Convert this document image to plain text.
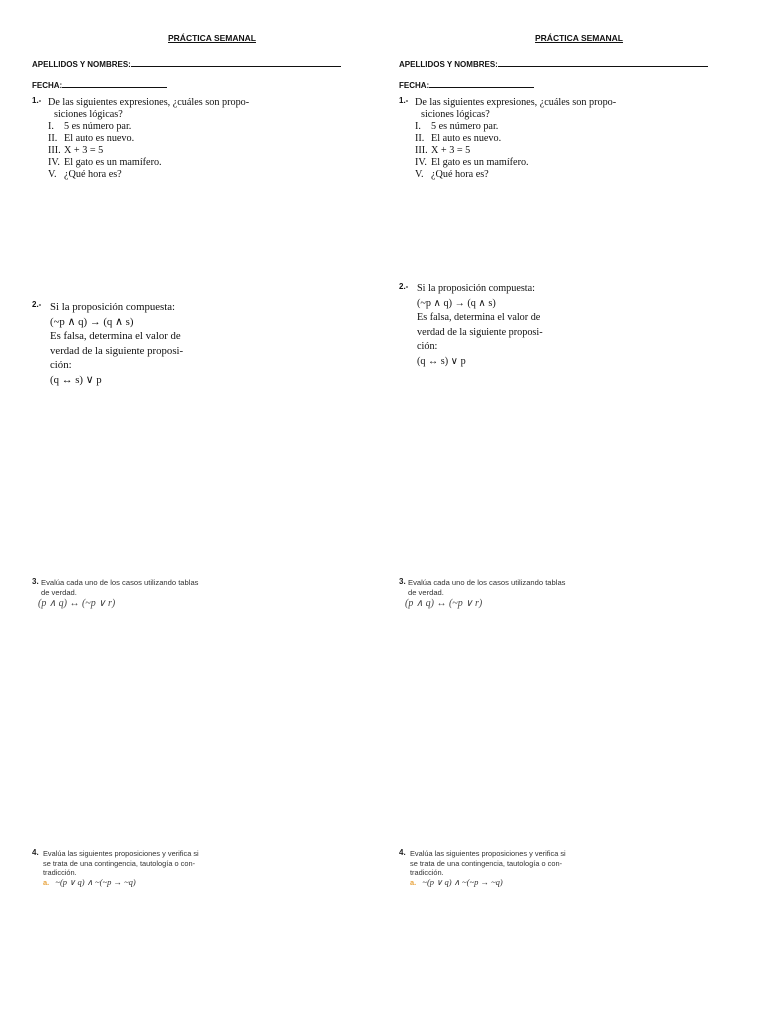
PRÁCTICA SEMANAL
APELLIDOS Y NOMBRES:
FECHA:
1.- De las siguientes expresiones, ¿cuáles son propo-
siciones lógicas?
I. 5 es número par.
II. El auto es nuevo.
III. X + 3 = 5
IV. El gato es un mamífero.
V. ¿Qué hora es?
2.- Si la proposición compuesta:
(~p ∧ q) → (q ∧ s)
Es falsa, determina el valor de
verdad de la siguiente proposi-
ción:
(q ↔ s) ∨ p
3. Evalúa cada uno de los casos utilizando tablas
de verdad.
(p ∧ q) ↔ (~p ∨ r)
4. Evalúa las siguientes proposiciones y verifica si
se trata de una contingencia, tautología o con-
tradicción.
a. ~(p ∨ q) ∧ ~(~p → ~q)
PRÁCTICA SEMANAL
APELLIDOS Y NOMBRES:
FECHA:
1.- De las siguientes expresiones, ¿cuáles son propo-
siciones lógicas?
I. 5 es número par.
II. El auto es nuevo.
III. X + 3 = 5
IV. El gato es un mamífero.
V. ¿Qué hora es?
2.- Si la proposición compuesta:
(~p ∧ q) → (q ∧ s)
Es falsa, determina el valor de
verdad de la siguiente proposi-
ción:
(q ↔ s) ∨ p
3. Evalúa cada uno de los casos utilizando tablas
de verdad.
(p ∧ q) ↔ (~p ∨ r)
4. Evalúa las siguientes proposiciones y verifica si
se trata de una contingencia, tautología o con-
tradicción.
a. ~(p ∨ q) ∧ ~(~p → ~q)
